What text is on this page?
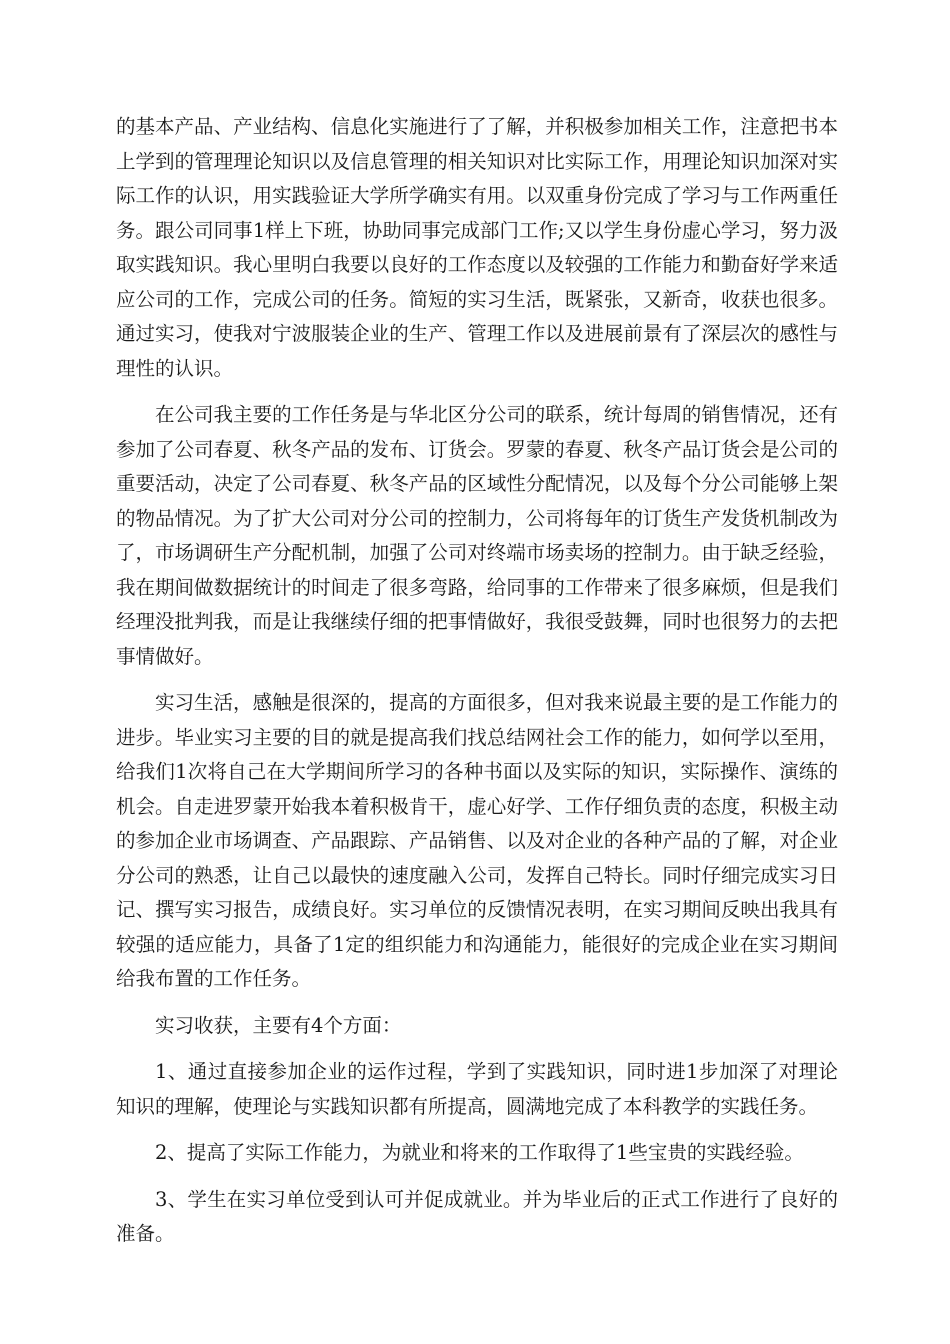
的基本产品、产业结构、信息化实施进行了了解，并积极参加相关工作，注意把书本上学到的管理理论知识以及信息管理的相关知识对比实际工作，用理论知识加深对实际工作的认识，用实践验证大学所学确实有用。以双重身份完成了学习与工作两重任务。跟公司同事1样上下班，协助同事完成部门工作;又以学生身份虚心学习，努力汲取实践知识。我心里明白我要以良好的工作态度以及较强的工作能力和勤奋好学来适应公司的工作，完成公司的任务。简短的实习生活，既紧张，又新奇，收获也很多。通过实习，使我对宁波服装企业的生产、管理工作以及进展前景有了深层次的感性与理性的认识。

在公司我主要的工作任务是与华北区分公司的联系，统计每周的销售情况，还有参加了公司春夏、秋冬产品的发布、订货会。罗蒙的春夏、秋冬产品订货会是公司的重要活动，决定了公司春夏、秋冬产品的区域性分配情况，以及每个分公司能够上架的物品情况。为了扩大公司对分公司的控制力，公司将每年的订货生产发货机制改为了，市场调研生产分配机制，加强了公司对终端市场卖场的控制力。由于缺乏经验，我在期间做数据统计的时间走了很多弯路，给同事的工作带来了很多麻烦，但是我们经理没批判我，而是让我继续仔细的把事情做好，我很受鼓舞，同时也很努力的去把事情做好。

实习生活，感触是很深的，提高的方面很多，但对我来说最主要的是工作能力的进步。毕业实习主要的目的就是提高我们找总结网社会工作的能力，如何学以至用，给我们1次将自己在大学期间所学习的各种书面以及实际的知识，实际操作、演练的机会。自走进罗蒙开始我本着积极肯干，虚心好学、工作仔细负责的态度，积极主动的参加企业市场调查、产品跟踪、产品销售、以及对企业的各种产品的了解，对企业分公司的熟悉，让自己以最快的速度融入公司，发挥自己特长。同时仔细完成实习日记、撰写实习报告，成绩良好。实习单位的反馈情况表明，在实习期间反映出我具有较强的适应能力，具备了1定的组织能力和沟通能力，能很好的完成企业在实习期间给我布置的工作任务。

实习收获，主要有4个方面：

1、通过直接参加企业的运作过程，学到了实践知识，同时进1步加深了对理论知识的理解，使理论与实践知识都有所提高，圆满地完成了本科教学的实践任务。

2、提高了实际工作能力，为就业和将来的工作取得了1些宝贵的实践经验。

3、学生在实习单位受到认可并促成就业。并为毕业后的正式工作进行了良好的准备。
